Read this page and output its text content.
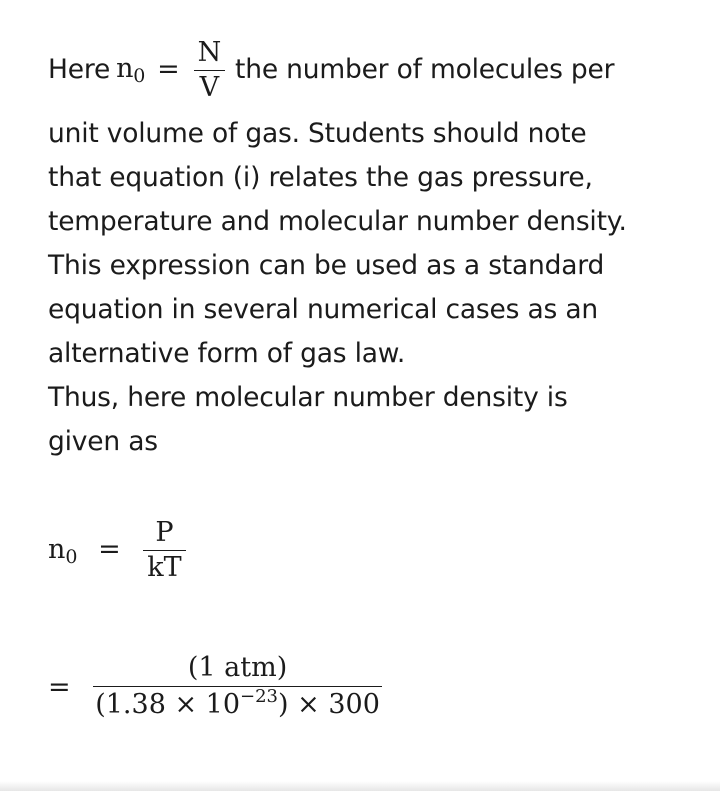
Here $n0 = \frac{N}{V}$ the number of molecules per
unit volume of gas. Students should note
that equation (i) relates the gas pressure,
temperature and molecular number density.
This expression can be used as a standard
equation in several numerical cases as an
alternative form of gas law.
Thus, here molecular number density is
given as
$n0 = \frac{P}{kT}$
= $\frac{\text{(1 atm)}}{(1.38 \times 10^{-23}) \times 300}$
